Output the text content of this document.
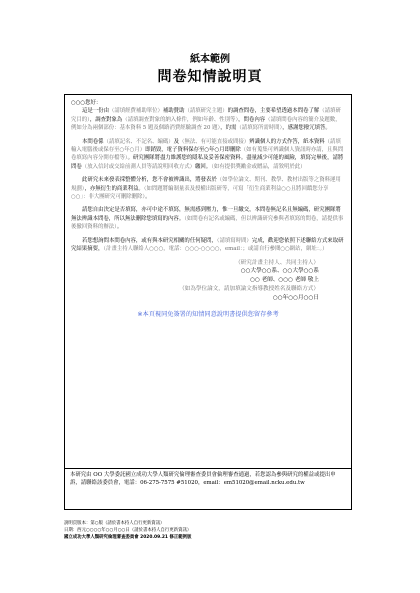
紙本範例
問卷知情說明頁

○○○您好：

這是一份由（請填經費補助單位）補助贊助（請填研究主題）的調查問卷，主要希望透過本問卷了解（請填研究目的），調查對象為（請填調查對象的納入條件，例如年齡、性別等），問卷內容（請填問卷內容的簡介及題數，例如分為兩個部份：基本資料 5 題及個路消費經驗調查 20 題），約需（請填寫所需時間），感謝您撥冗填答。

本問卷係（請填記名、不記名、編碼）及（無法、有可能直接或間接）辨識個人的方式作答，紙本資料（請填輸入電腦後或保存至○年○月）即銷毀，電子資料保存至○年○月即刪除（如有蒐集可辨識個人資訊時亦請，且與問卷填寫內容分開存檔等）。研究團隊將盡力維護您的隱私及妥善保密資料。盡量減少可能的風險，填寫完畢後，請將問卷（放入信封或交給前測人員等請說明回收方式）繳回。（如有提供獎勵金或贈品，請敘明於此）

此研究未來發表採整體分析，您不會被辨識出，將發表於（如學位論文、期刊、教學、教材出版等之資料運用規劃），亦無衍生的商業利益。（如問題將編制量表及授權出版研等，可寫「衍生商業利益○○且將回饋您分享○○」：非大團研究可刪除刪除）。

請您自由決定是否填寫，亦可中途不填寫，無需感到壓力，惟一旦繳交，本問卷無記名且無編碼，研究團隊將無法辨識本問卷，所以無法刪除您填寫的內容。（如問卷有記名或編碼，但以辨識研究參與者填寫的問卷，請提供事後撤回資料的辦法）。

若您想詢問本問卷內容，或有與本研究相關的任何疑問，（請填寫時間）完成，歡迎您依照下述聯絡方式來取研究結果摘要，（計畫主持人聯絡人○○○，電話：○○○-○○○○，email：；或請自行參閱○○網站，網址：。）

（研究計畫主持人、共同主持人）
○○大學○○系、○○大學○○系
○○ 老師、○○○ 老師 敬上
（如為學位論文，請加填論文指導教授姓名及聯絡方式）
○○年○○月○○日
※本頁視同免簽署的知情同意說明書提供您留存參考
本研究由 OO 大學委託國立成功大學人類研究倫理審查委員會倫理審查通過，若您認為參與研究的權益或提出申訴，請聯絡該委員會，電話：06-275-7575 #51020，email：em51020@email.ncku.edu.tw
說明頁版本：第○版（請於書本持人自行更新資訊）
日期：西元○○○○年○○月○○日（請於書本持人自行更新資訊）
國立成功大學人類研究倫理審查委員會 2020.09.21 修正範例版
